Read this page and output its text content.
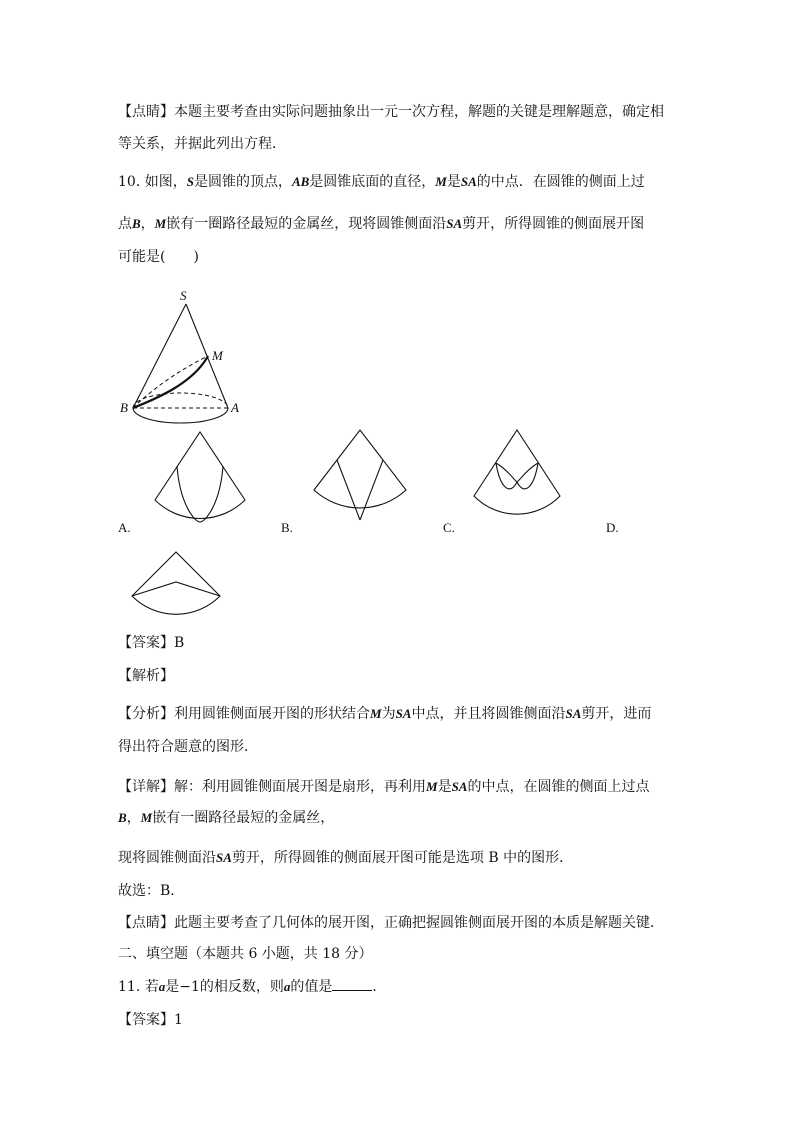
【点睛】本题主要考查由实际问题抽象出一元一次方程，解题的关键是理解题意，确定相
等关系，并据此列出方程．
10. 如图，S是圆锥的顶点，AB是圆锥底面的直径，M是SA的中点．在圆锥的侧面上过
点B，M嵌有一圈路径最短的金属丝，现将圆锥侧面沿SA剪开，所得圆锥的侧面展开图
可能是(　　)
S
M
B	A
A.	B.	C.	D.
【答案】B
【解析】
【分析】利用圆锥侧面展开图的形状结合M为SA中点，并且将圆锥侧面沿SA剪开，进而
得出符合题意的图形．
【详解】解：利用圆锥侧面展开图是扇形，再利用M是SA的中点，在圆锥的侧面上过点
B，M嵌有一圈路径最短的金属丝，
现将圆锥侧面沿SA剪开，所得圆锥的侧面展开图可能是选项 B 中的图形．
故选：B．
【点睛】此题主要考查了几何体的展开图，正确把握圆锥侧面展开图的本质是解题关键．
二、填空题（本题共 6 小题，共 18 分）
11. 若a是−1的相反数，则a的值是	．
【答案】1
